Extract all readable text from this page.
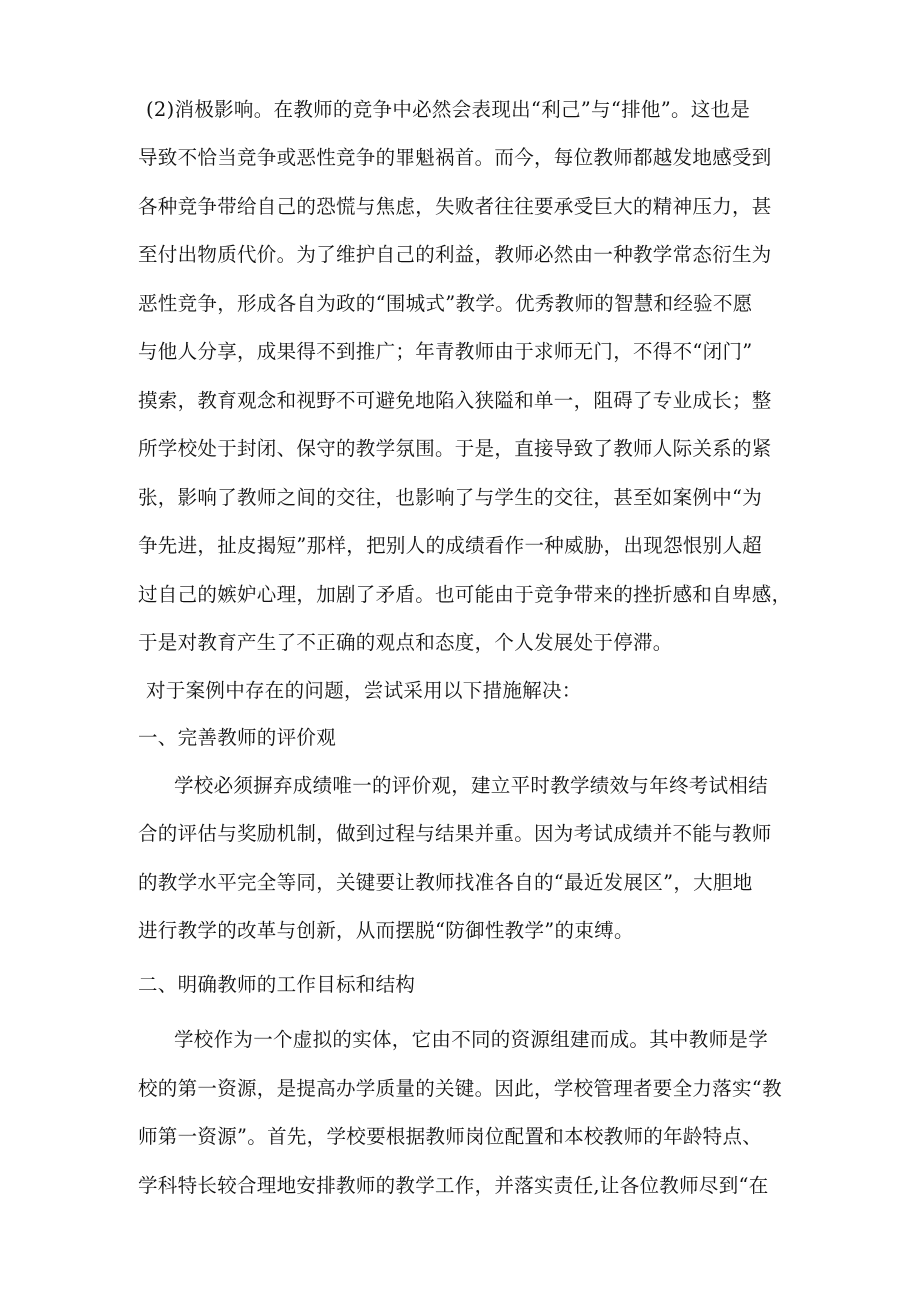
(2)消极影响。在教师的竞争中必然会表现出“利己”与“排他”。这也是
导致不恰当竞争或恶性竞争的罪魁祸首。而今，每位教师都越发地感受到
各种竞争带给自己的恐慌与焦虑，失败者往往要承受巨大的精神压力，甚
至付出物质代价。为了维护自己的利益，教师必然由一种教学常态衍生为
恶性竞争，形成各自为政的“围城式”教学。优秀教师的智慧和经验不愿
与他人分享，成果得不到推广；年青教师由于求师无门，不得不“闭门”
摸索，教育观念和视野不可避免地陷入狭隘和单一，阻碍了专业成长；整
所学校处于封闭、保守的教学氛围。于是，直接导致了教师人际关系的紧
张，影响了教师之间的交往，也影响了与学生的交往，甚至如案例中“为
争先进，扯皮揭短”那样，把别人的成绩看作一种威胁，出现怨恨别人超
过自己的嫉妒心理，加剧了矛盾。也可能由于竞争带来的挫折感和自卑感，
于是对教育产生了不正确的观点和态度，个人发展处于停滞。
对于案例中存在的问题，尝试采用以下措施解决：
一、完善教师的评价观
学校必须摒弃成绩唯一的评价观，建立平时教学绩效与年终考试相结
合的评估与奖励机制，做到过程与结果并重。因为考试成绩并不能与教师
的教学水平完全等同，关键要让教师找准各自的“最近发展区”，大胆地
进行教学的改革与创新，从而摆脱“防御性教学”的束缚。
二、明确教师的工作目标和结构
学校作为一个虚拟的实体，它由不同的资源组建而成。其中教师是学
校的第一资源，是提高办学质量的关键。因此，学校管理者要全力落实“教
师第一资源”。首先，学校要根据教师岗位配置和本校教师的年龄特点、
学科特长较合理地安排教师的教学工作，并落实责任,让各位教师尽到“在
